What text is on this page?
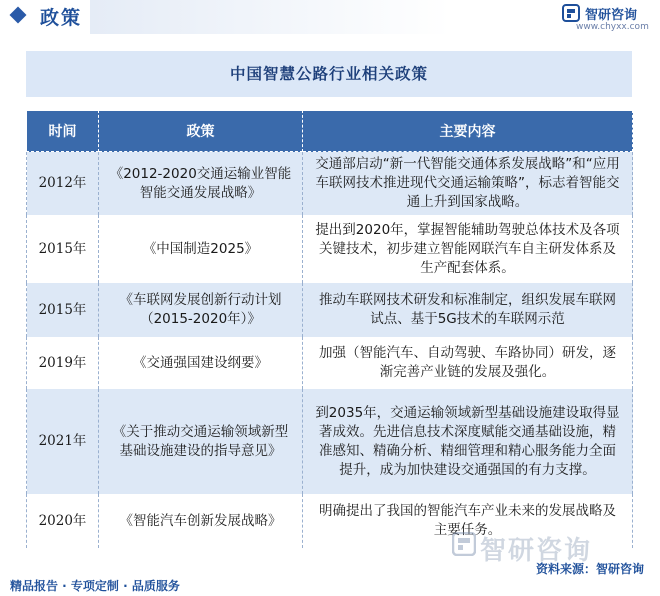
政策	智研咨询
www.chyxx.com
中国智慧公路行业相关政策
时间	政策	主要内容
2012年	《2012-2020交通运输业智能智能交通发展战略》	交通部启动“新一代智能交通体系发展战略”和“应用车联网技术推进现代交通运输策略”，标志着智能交通上升到国家战略。
2015年	《中国制造2025》	提出到2020年，掌握智能辅助驾驶总体技术及各项关键技术，初步建立智能网联汽车自主研发体系及生产配套体系。
2015年	《车联网发展创新行动计划（2015-2020年）》	推动车联网技术研发和标准制定，组织发展车联网试点、基于5G技术的车联网示范
2019年	《交通强国建设纲要》	加强（智能汽车、自动驾驶、车路协同）研发，逐渐完善产业链的发展及强化。
2021年	《关于推动交通运输领域新型基础设施建设的指导意见》	到2035年，交通运输领域新型基础设施建设取得显著成效。先进信息技术深度赋能交通基础设施，精准感知、精确分析、精细管理和精心服务能力全面提升，成为加快建设交通强国的有力支撑。
2020年	《智能汽车创新发展战略》	明确提出了我国的智能汽车产业未来的发展战略及主要任务。
智研咨询
精品报告 · 专项定制 · 品质服务
资料来源：智研咨询
